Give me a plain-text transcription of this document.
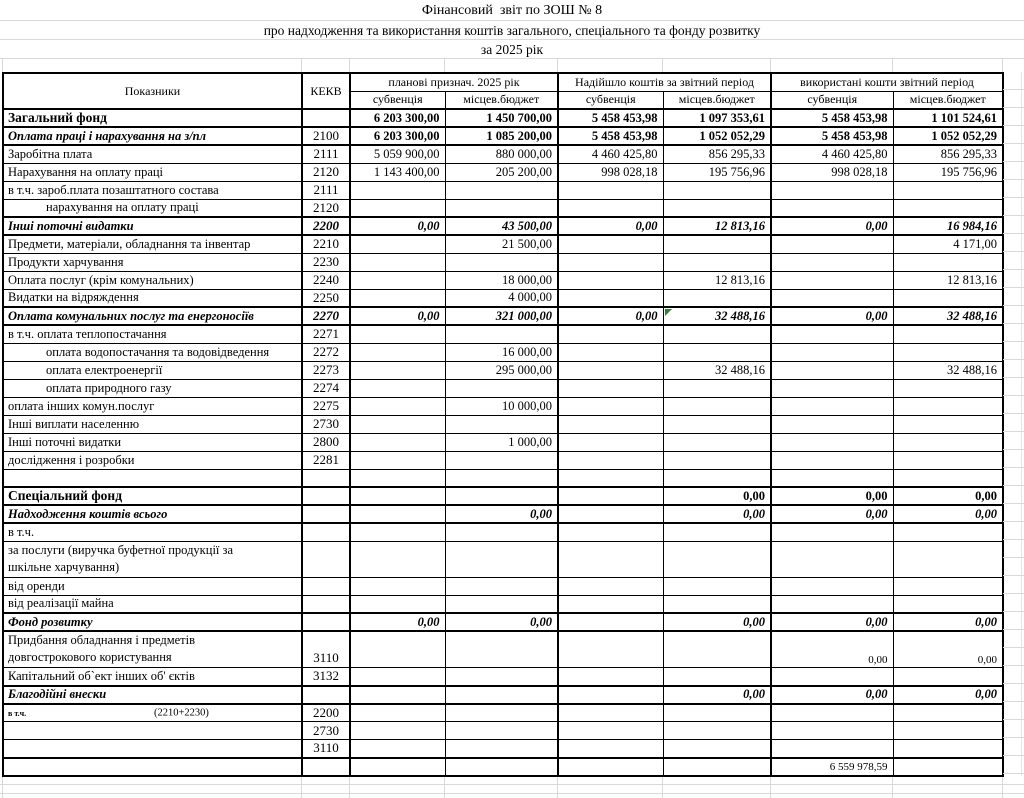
Фінансовий  звіт по ЗОШ № 8
про надходження та використання коштів загального, спеціального та фонду розвитку
за 2025 рік
Показники	КЕКВ	планові признач. 2025 рік		Надійшло коштів за звітний період		використані кошти звітний період	
		субвенція	місцев.бюджет	субвенція	місцев.бюджет	субвенція	місцев.бюджет
Загальний фонд		6 203 300,00	1 450 700,00	5 458 453,98	1 097 353,61	5 458 453,98	1 101 524,61
Оплата праці і нарахування на з/пл	2100	6 203 300,00	1 085 200,00	5 458 453,98	1 052 052,29	5 458 453,98	1 052 052,29
Заробітна плата	2111	5 059 900,00	880 000,00	4 460 425,80	856 295,33	4 460 425,80	856 295,33
Нарахування на оплату праці	2120	1 143 400,00	205 200,00	998 028,18	195 756,96	998 028,18	195 756,96
в т.ч. зароб.плата позаштатного состава	2111						
нарахування на оплату праці	2120						
Інші поточні видатки	2200	0,00	43 500,00	0,00	12 813,16	0,00	16 984,16
Предмети, матеріали, обладнання та інвентар	2210		21 500,00				4 171,00
Продукти харчування	2230						
Оплата послуг (крім комунальних)	2240		18 000,00		12 813,16		12 813,16
Видатки на відряждення	2250		4 000,00				
Оплата комунальних послуг та енергоносіїв	2270	0,00	321 000,00	0,00	32 488,16	0,00	32 488,16
в т.ч. оплата теплопостачання	2271						
оплата водопостачання та водовідведення	2272		16 000,00				
оплата електроенергії	2273		295 000,00		32 488,16		32 488,16
оплата природного газу	2274						
оплата інших комун.послуг	2275		10 000,00				
Інші виплати населенню	2730						
Інші поточні видатки	2800		1 000,00				
дослідження і розробки	2281						

Спеціальний фонд					0,00	0,00	0,00
Надходження коштів всього			0,00		0,00	0,00	0,00
в т.ч.							

за послуги (виручка буфетної продукції за
шкільне харчування)							

від оренди							
від реалізації майна							
Фонд розвитку		0,00	0,00		0,00	0,00	0,00

Придбання обладнання і предметів
довгострокового користування	3110					0,00	0,00
Капітальний об`ект інших об' єктів	3132						
Благодійні внески					0,00	0,00	0,00
в т.ч. (2210+2230)	2200						
	2730						
	3110						
						6 559 978,59	
